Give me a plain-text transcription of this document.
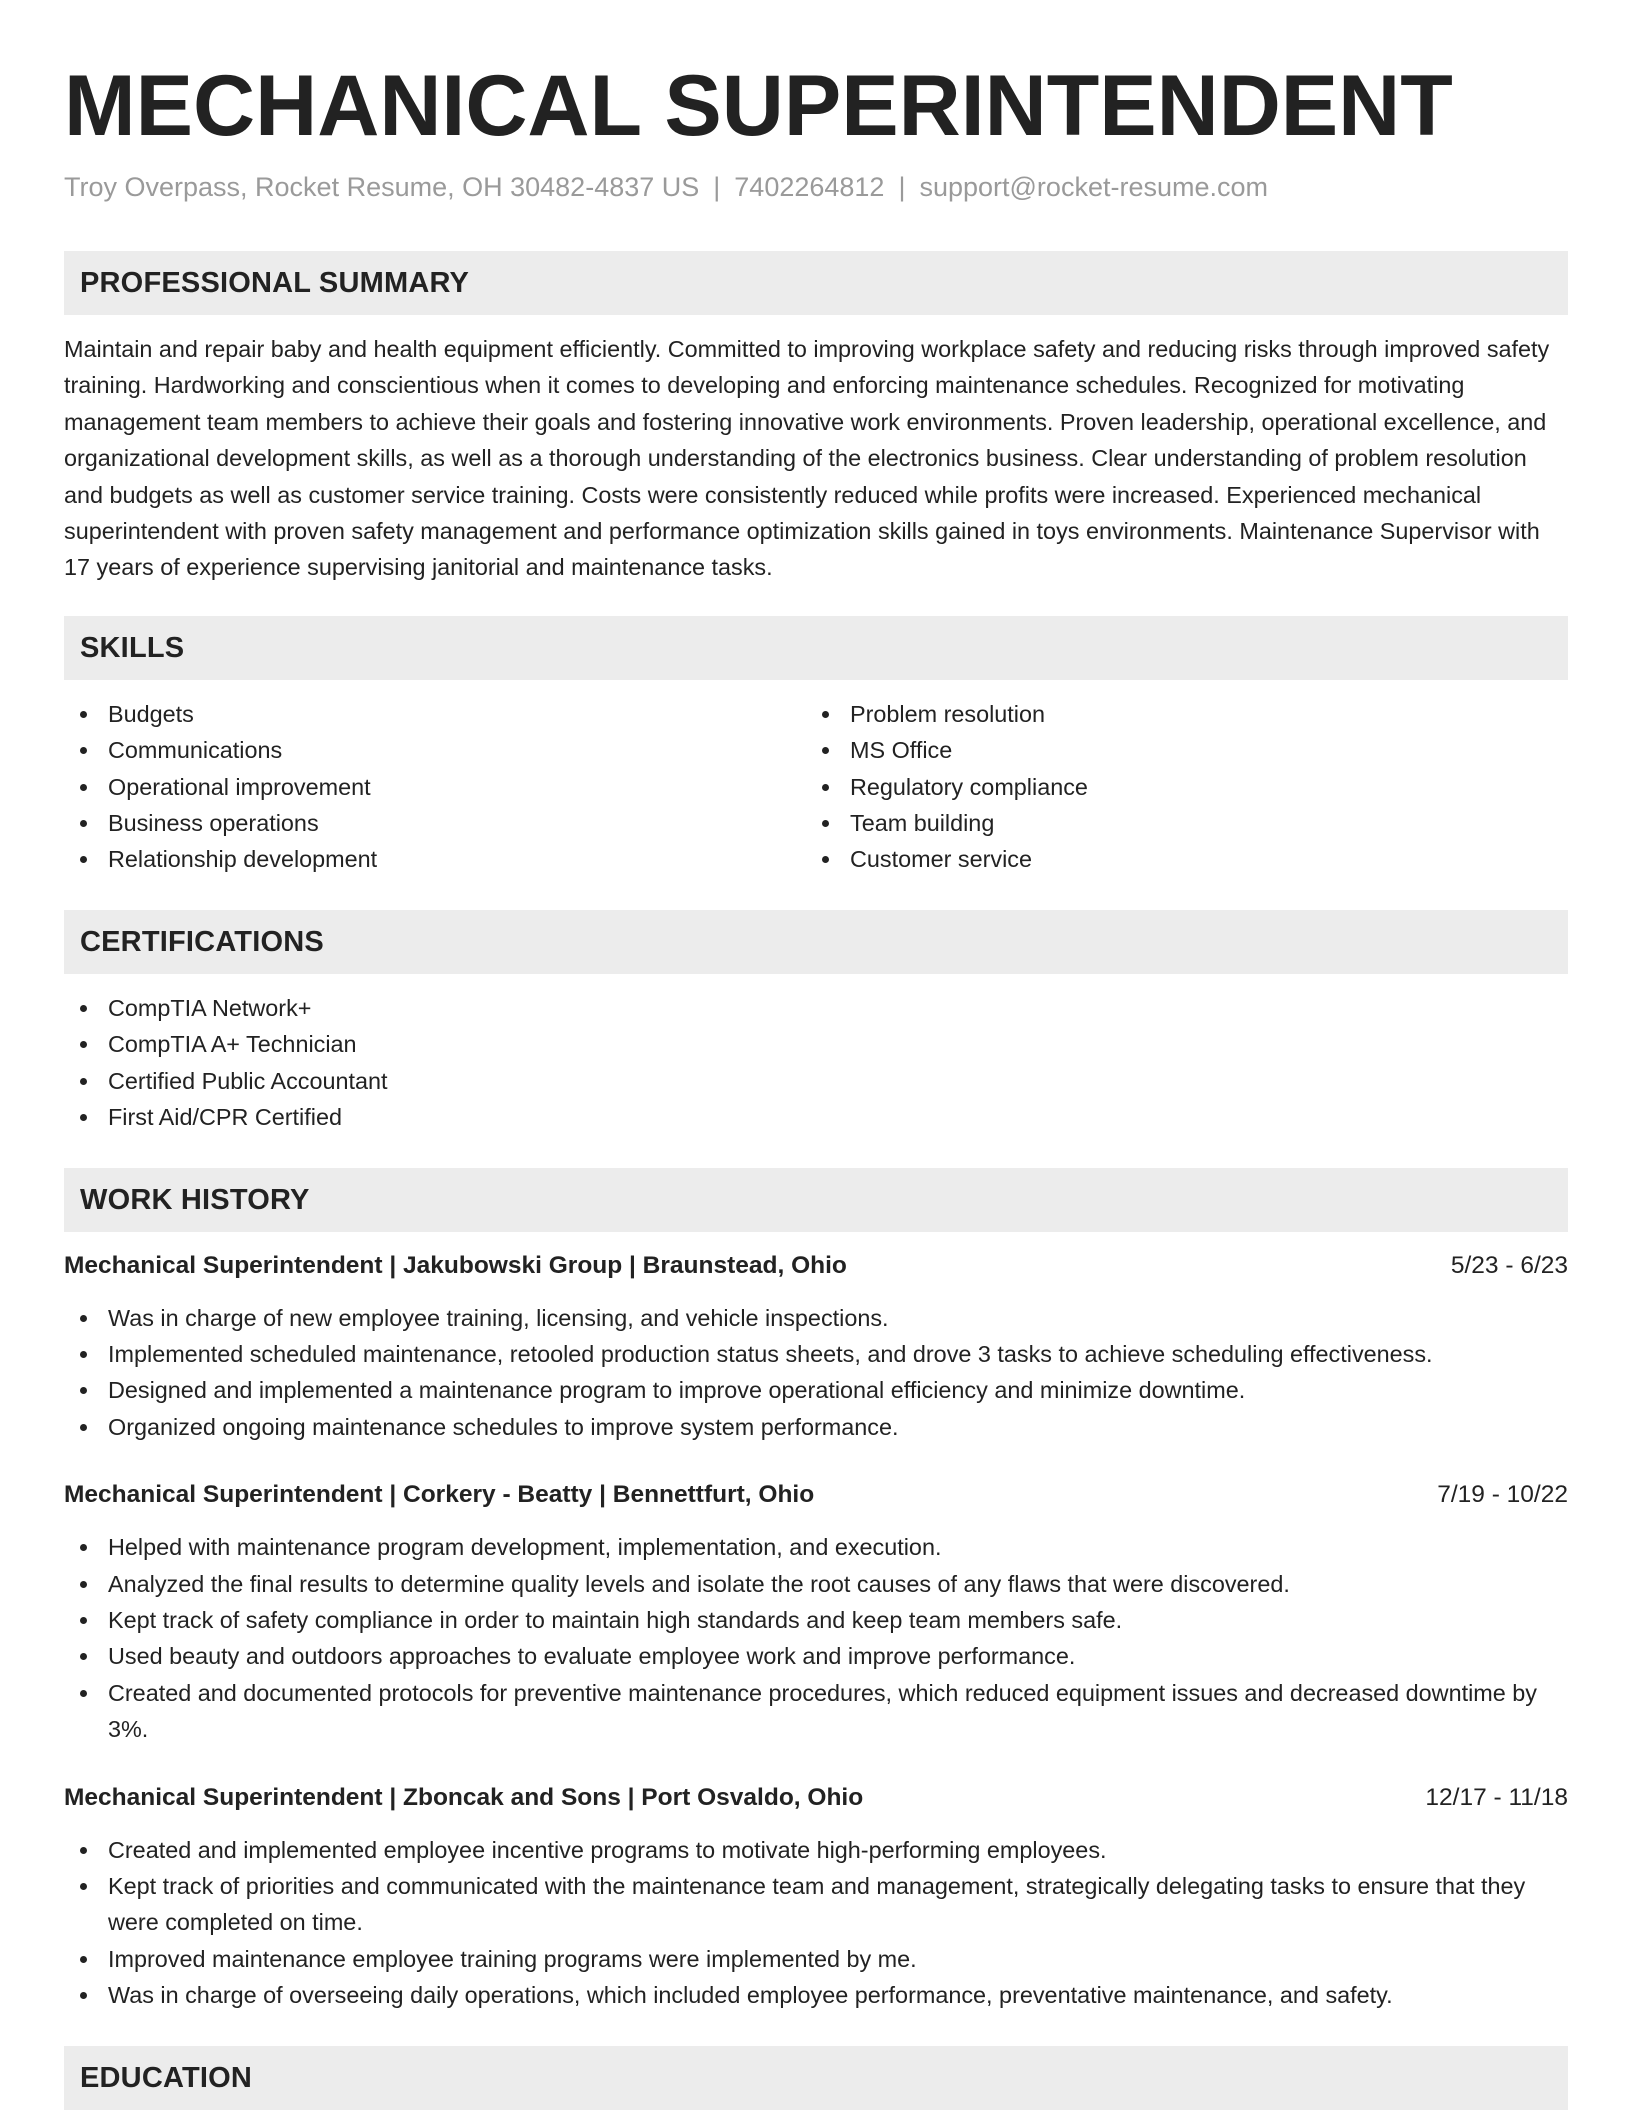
MECHANICAL SUPERINTENDENT
Troy Overpass, Rocket Resume, OH 30482-4837 US | 7402264812 | support@rocket-resume.com
PROFESSIONAL SUMMARY

Maintain and repair baby and health equipment efficiently. Committed to improving workplace safety and reducing risks through improved safety training. Hardworking and conscientious when it comes to developing and enforcing maintenance schedules. Recognized for motivating management team members to achieve their goals and fostering innovative work environments. Proven leadership, operational excellence, and organizational development skills, as well as a thorough understanding of the electronics business. Clear understanding of problem resolution and budgets as well as customer service training. Costs were consistently reduced while profits were increased. Experienced mechanical superintendent with proven safety management and performance optimization skills gained in toys environments. Maintenance Supervisor with 17 years of experience supervising janitorial and maintenance tasks.

SKILLS
Budgets
Communications
Operational improvement
Business operations
Relationship development
Problem resolution
MS Office
Regulatory compliance
Team building
Customer service
CERTIFICATIONS
CompTIA Network+
CompTIA A+ Technician
Certified Public Accountant
First Aid/CPR Certified
WORK HISTORY
Mechanical Superintendent | Jakubowski Group | Braunstead, Ohio	5/23 - 6/23
Was in charge of new employee training, licensing, and vehicle inspections.
Implemented scheduled maintenance, retooled production status sheets, and drove 3 tasks to achieve scheduling effectiveness.
Designed and implemented a maintenance program to improve operational efficiency and minimize downtime.
Organized ongoing maintenance schedules to improve system performance.
Mechanical Superintendent | Corkery - Beatty | Bennettfurt, Ohio	7/19 - 10/22
Helped with maintenance program development, implementation, and execution.
Analyzed the final results to determine quality levels and isolate the root causes of any flaws that were discovered.
Kept track of safety compliance in order to maintain high standards and keep team members safe.
Used beauty and outdoors approaches to evaluate employee work and improve performance.
Created and documented protocols for preventive maintenance procedures, which reduced equipment issues and decreased downtime by 3%.
Mechanical Superintendent | Zboncak and Sons | Port Osvaldo, Ohio	12/17 - 11/18
Created and implemented employee incentive programs to motivate high-performing employees.
Kept track of priorities and communicated with the maintenance team and management, strategically delegating tasks to ensure that they were completed on time.
Improved maintenance employee training programs were implemented by me.
Was in charge of overseeing daily operations, which included employee performance, preventative maintenance, and safety.
EDUCATION
